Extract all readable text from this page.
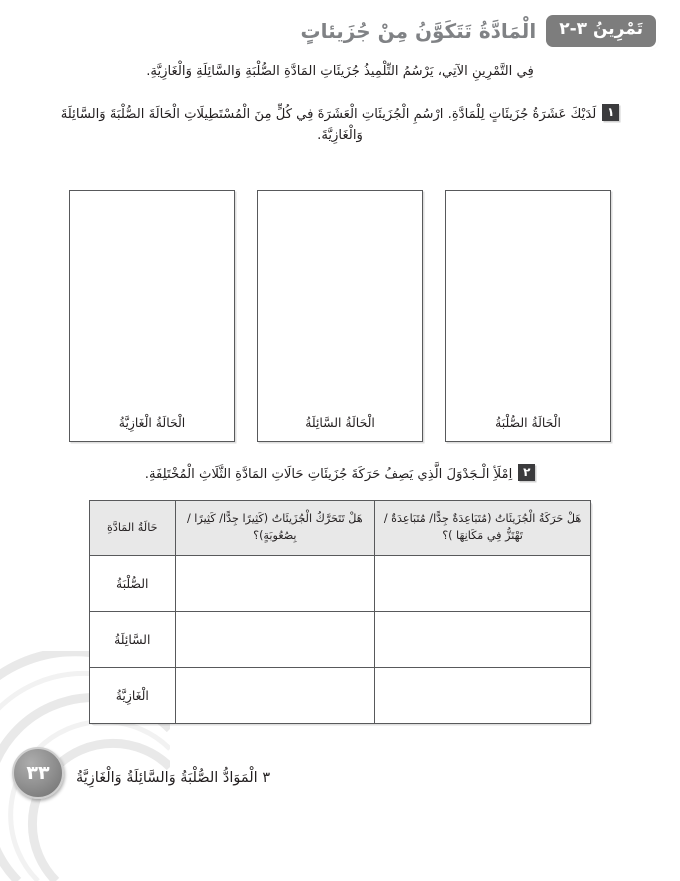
تَمْرِينُ ٣-٢
الْمَادَّةُ تَتَكَوَّنُ مِنْ جُزَيئاتٍ
فِي التَّمْرِينِ الآتِي، يَرْسُمُ التِّلْمِيذُ جُزَيئَاتِ المَادَّةِ الصُّلْبَةِ وَالسَّائِلَةِ وَالْغَازِيَّةِ.
١لَدَيْكَ عَشَرَةُ جُزَيئَاتٍ لِلْمَادَّةِ. ارْسُمِ الْجُزَيئَاتِ الْعَشَرَةَ فِي كُلٍّ مِنَ الْمُسْتَطِيلَاتِ الْحَالَةَ الصُّلْبَةَ وَالسَّائِلَةَ وَالْغَازِيَّةَ.
الْحَالَةُ الصُّلْبَةُ
الْحَالَةُ السَّائِلَةُ
الْحَالَةُ الْغَازِيَّةُ
٢اِمْلَأِ الْـجَدْوَلَ الَّذِي يَصِفُ حَرَكَةَ جُزَيئَاتِ حَالَاتِ المَادَّةِ الثَّلَاثِ الْمُخْتَلِفَةِ.
هَلْ حَرَكَةُ الْجُزَيئَاتُ (مُتَبَاعِدَةٌ جِدًّا/ مُتَبَاعِدَةٌ / تَهْتَزُّ فِي مَكَانِهَا )؟	هَلْ تَتَحَرَّكُ الْجُزَيئَاتُ (كَثِيرًا جِدًّا/ كَثِيرًا / بِصُعُوبَةٍ)؟	حَالَةُ المَادَّةِ
		الصُّلْبَةُ
		السَّائِلَةُ
		الْغَازِيَّةُ
٣٣	٣ الْمَوَادُّ الصُّلْبَةُ وَالسَّائِلَةُ وَالْغَازِيَّةُ
